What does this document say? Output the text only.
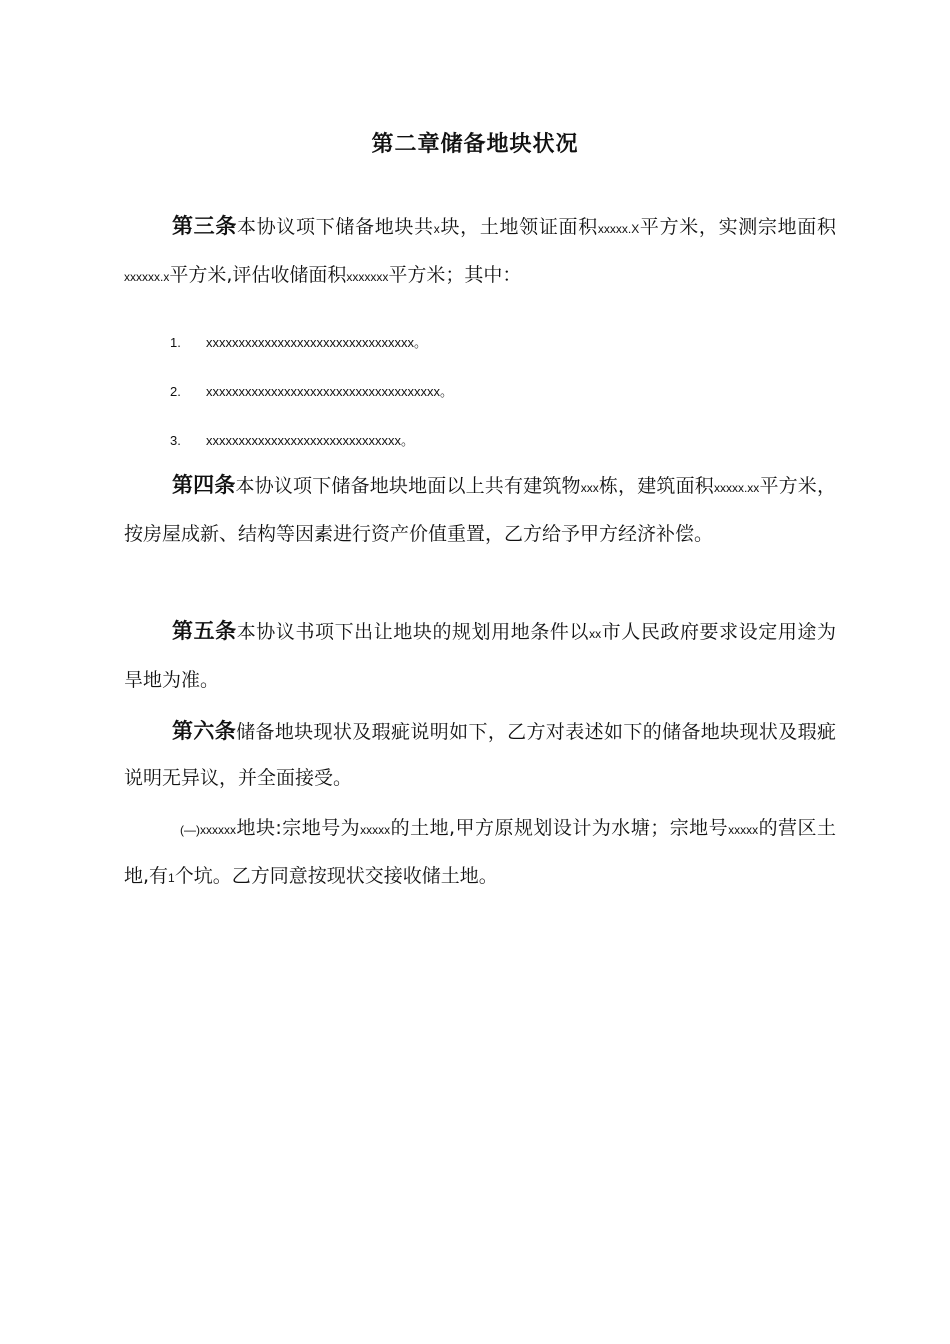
第二章储备地块状况

第三条本协议项下储备地块共x块，土地领证面积xxxxx.X平方米，实测宗地面积xxxxxx.x平方米,评估收储面积xxxxxxx平方米；其中：

1. xxxxxxxxxxxxxxxxxxxxxxxxxxxxxxxx。
2. xxxxxxxxxxxxxxxxxxxxxxxxxxxxxxxxxxxx。
3. xxxxxxxxxxxxxxxxxxxxxxxxxxxxxx。

第四条本协议项下储备地块地面以上共有建筑物xxx栋，建筑面积xxxxx.xx平方米，按房屋成新、结构等因素进行资产价值重置，乙方给予甲方经济补偿。

第五条本协议书项下出让地块的规划用地条件以xx市人民政府要求设定用途为旱地为准。

第六条储备地块现状及瑕疵说明如下，乙方对表述如下的储备地块现状及瑕疵说明无异议，并全面接受。

(—)xxxxxx地块:宗地号为xxxxx的土地,甲方原规划设计为水塘；宗地号xxxxx的营区土地,有1个坑。乙方同意按现状交接收储土地。
